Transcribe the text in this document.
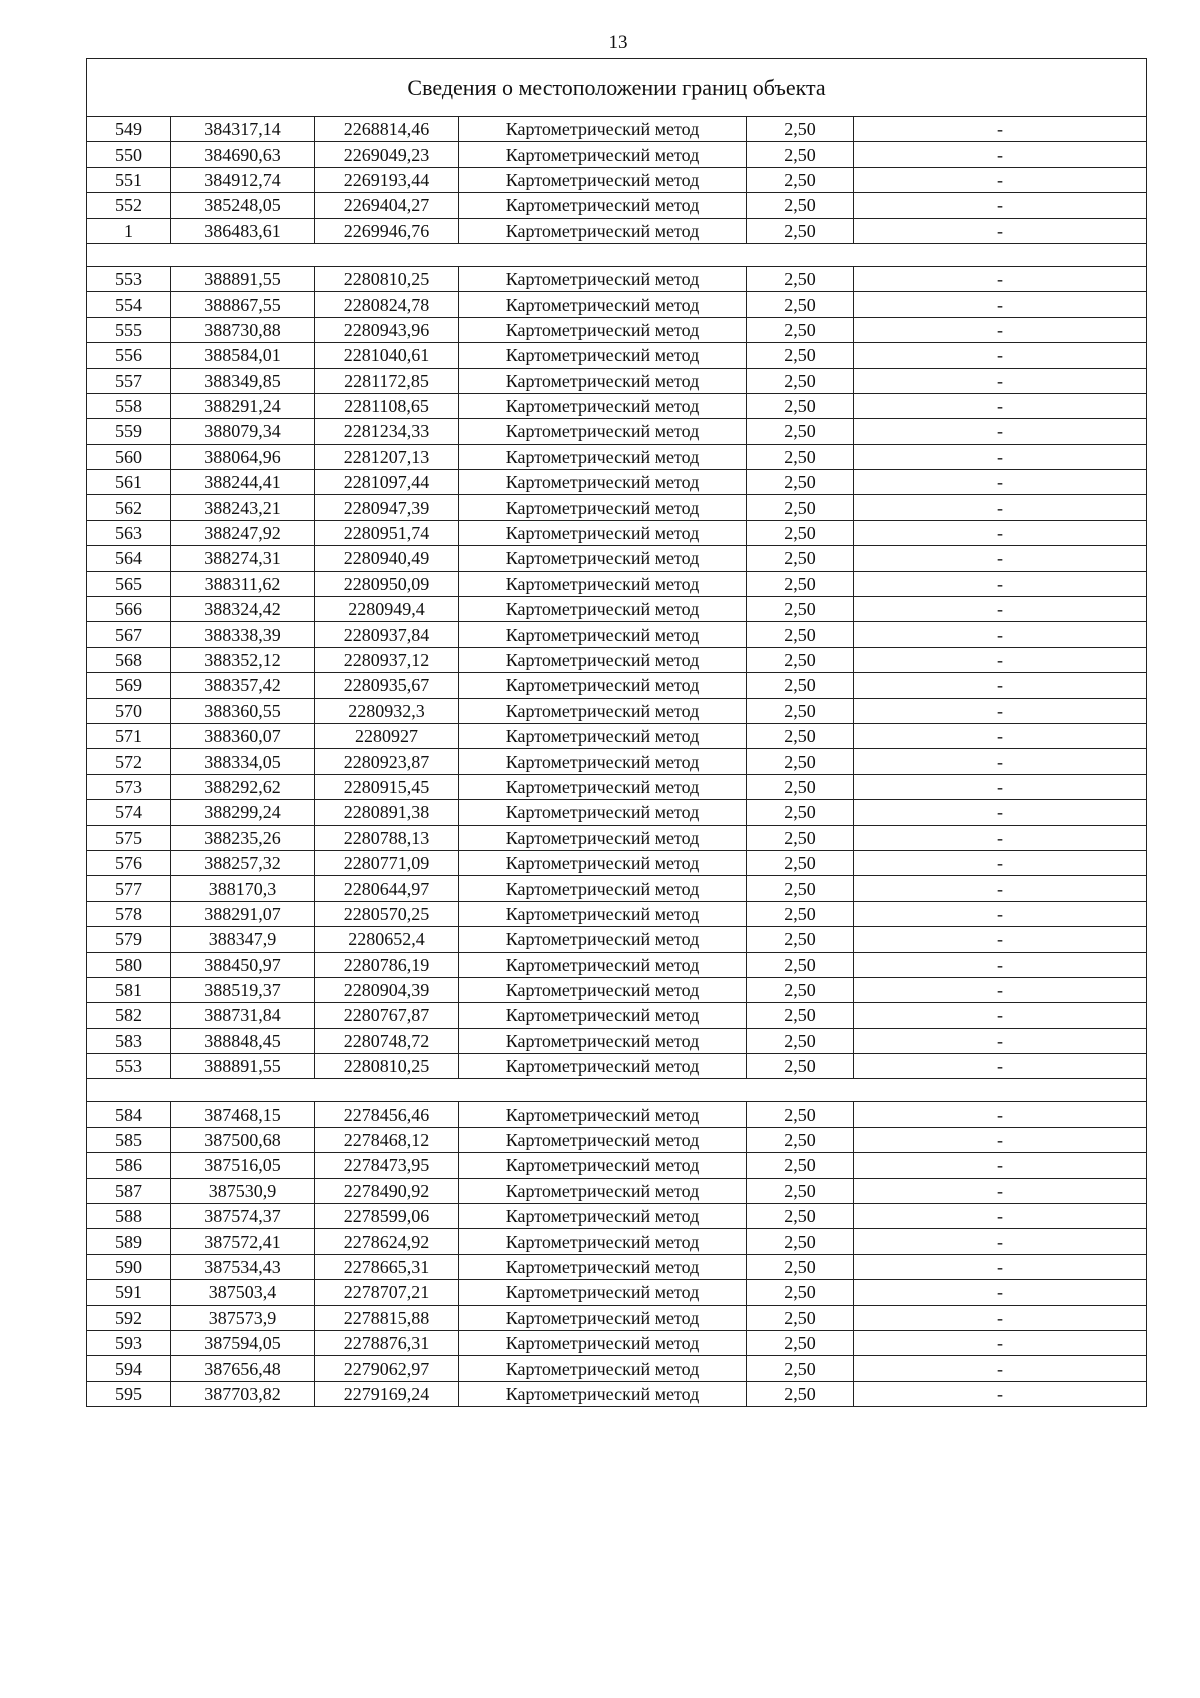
13
Сведения о местоположении границ объекта					
549	384317,14	2268814,46	Картометрический метод	2,50	-
550	384690,63	2269049,23	Картометрический метод	2,50	-
551	384912,74	2269193,44	Картометрический метод	2,50	-
552	385248,05	2269404,27	Картометрический метод	2,50	-
1	386483,61	2269946,76	Картометрический метод	2,50	-

553	388891,55	2280810,25	Картометрический метод	2,50	-
554	388867,55	2280824,78	Картометрический метод	2,50	-
555	388730,88	2280943,96	Картометрический метод	2,50	-
556	388584,01	2281040,61	Картометрический метод	2,50	-
557	388349,85	2281172,85	Картометрический метод	2,50	-
558	388291,24	2281108,65	Картометрический метод	2,50	-
559	388079,34	2281234,33	Картометрический метод	2,50	-
560	388064,96	2281207,13	Картометрический метод	2,50	-
561	388244,41	2281097,44	Картометрический метод	2,50	-
562	388243,21	2280947,39	Картометрический метод	2,50	-
563	388247,92	2280951,74	Картометрический метод	2,50	-
564	388274,31	2280940,49	Картометрический метод	2,50	-
565	388311,62	2280950,09	Картометрический метод	2,50	-
566	388324,42	2280949,4	Картометрический метод	2,50	-
567	388338,39	2280937,84	Картометрический метод	2,50	-
568	388352,12	2280937,12	Картометрический метод	2,50	-
569	388357,42	2280935,67	Картометрический метод	2,50	-
570	388360,55	2280932,3	Картометрический метод	2,50	-
571	388360,07	2280927	Картометрический метод	2,50	-
572	388334,05	2280923,87	Картометрический метод	2,50	-
573	388292,62	2280915,45	Картометрический метод	2,50	-
574	388299,24	2280891,38	Картометрический метод	2,50	-
575	388235,26	2280788,13	Картометрический метод	2,50	-
576	388257,32	2280771,09	Картометрический метод	2,50	-
577	388170,3	2280644,97	Картометрический метод	2,50	-
578	388291,07	2280570,25	Картометрический метод	2,50	-
579	388347,9	2280652,4	Картометрический метод	2,50	-
580	388450,97	2280786,19	Картометрический метод	2,50	-
581	388519,37	2280904,39	Картометрический метод	2,50	-
582	388731,84	2280767,87	Картометрический метод	2,50	-
583	388848,45	2280748,72	Картометрический метод	2,50	-
553	388891,55	2280810,25	Картометрический метод	2,50	-

584	387468,15	2278456,46	Картометрический метод	2,50	-
585	387500,68	2278468,12	Картометрический метод	2,50	-
586	387516,05	2278473,95	Картометрический метод	2,50	-
587	387530,9	2278490,92	Картометрический метод	2,50	-
588	387574,37	2278599,06	Картометрический метод	2,50	-
589	387572,41	2278624,92	Картометрический метод	2,50	-
590	387534,43	2278665,31	Картометрический метод	2,50	-
591	387503,4	2278707,21	Картометрический метод	2,50	-
592	387573,9	2278815,88	Картометрический метод	2,50	-
593	387594,05	2278876,31	Картометрический метод	2,50	-
594	387656,48	2279062,97	Картометрический метод	2,50	-
595	387703,82	2279169,24	Картометрический метод	2,50	-
